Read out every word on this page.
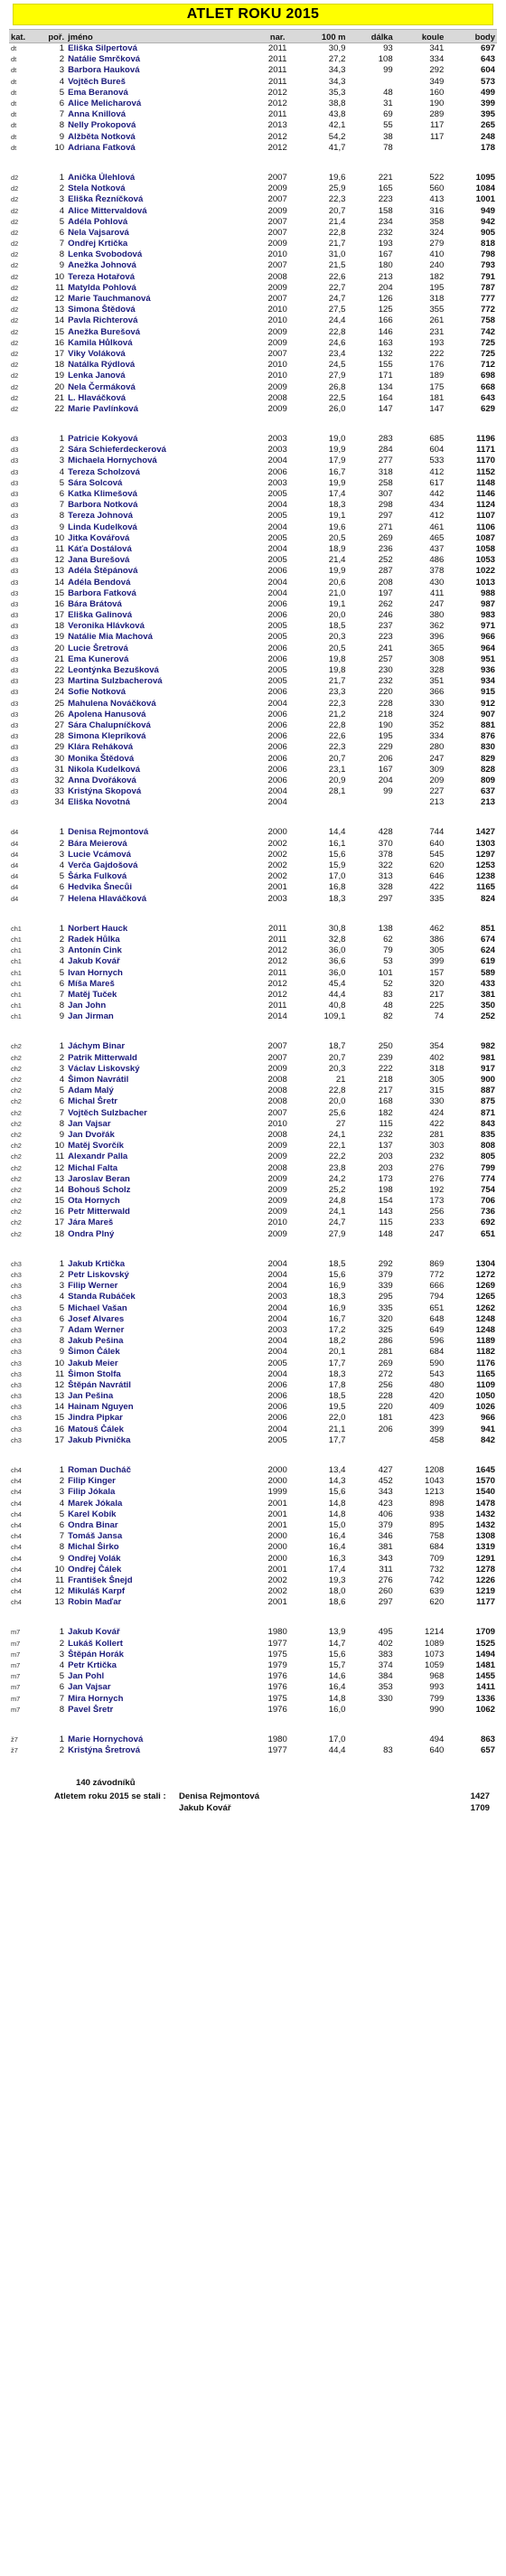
ATLET ROKU 2015
kat.	poř.	jméno	nar.	100 m	dálka	koule	body
dt	1	Eliška Silpertová	2011	30,9	93	341	697
dt	2	Natálie Smrčková	2011	27,2	108	334	643
dt	3	Barbora Hauková	2011	34,3	99	292	604
dt	4	Vojtěch Bureš	2011	34,3		349	573
dt	5	Ema Beranová	2012	35,3	48	160	499
dt	6	Alice Melicharová	2012	38,8	31	190	399
dt	7	Anna Knillová	2011	43,8	69	289	395
dt	8	Nelly Prokopová	2013	42,1	55	117	265
dt	9	Alžběta Notková	2012	54,2	38	117	248
dt	10	Adriana Fatková	2012	41,7	78		178

d2	1	Anička Úlehlová	2007	19,6	221	522	1095
d2	2	Stela Notková	2009	25,9	165	560	1084
d2	3	Eliška Řezníčková	2007	22,3	223	413	1001
d2	4	Alice Mittervaldová	2009	20,7	158	316	949
d2	5	Adéla Pohlová	2007	21,4	234	358	942
d2	6	Nela Vajsarová	2007	22,8	232	324	905
d2	7	Ondřej Krtička	2009	21,7	193	279	818
d2	8	Lenka Svobodová	2010	31,0	167	410	798
d2	9	Anežka Johnová	2007	21,5	180	240	793
d2	10	Tereza Hotařová	2008	22,6	213	182	791
d2	11	Matylda Pohlová	2009	22,7	204	195	787
d2	12	Marie Tauchmanová	2007	24,7	126	318	777
d2	13	Simona Štědová	2010	27,5	125	355	772
d2	14	Pavla Richterová	2010	24,4	166	261	758
d2	15	Anežka Burešová	2009	22,8	146	231	742
d2	16	Kamila Hůlková	2009	24,6	163	193	725
d2	17	Viky Voláková	2007	23,4	132	222	725
d2	18	Natálka Rýdlová	2010	24,5	155	176	712
d2	19	Lenka Janová	2010	27,9	171	189	698
d2	20	Nela Čermáková	2009	26,8	134	175	668
d2	21	L. Hlaváčková	2008	22,5	164	181	643
d2	22	Marie Pavlínková	2009	26,0	147	147	629

d3	1	Patricie Kokyová	2003	19,0	283	685	1196
d3	2	Sára Schieferdeckerová	2003	19,9	284	604	1171
d3	3	Michaela Hornychová	2004	17,9	277	533	1170
d3	4	Tereza Scholzová	2006	16,7	318	412	1152
d3	5	Sára Solcová	2003	19,9	258	617	1148
d3	6	Katka Klimešová	2005	17,4	307	442	1146
d3	7	Barbora Notková	2004	18,3	298	434	1124
d3	8	Tereza Johnová	2005	19,1	297	412	1107
d3	9	Linda Kudelková	2004	19,6	271	461	1106
d3	10	Jitka Kovářová	2005	20,5	269	465	1087
d3	11	Káťa Dostálová	2004	18,9	236	437	1058
d3	12	Jana Burešová	2005	21,4	252	486	1053
d3	13	Adéla Štěpánová	2006	19,9	287	378	1022
d3	14	Adéla Bendová	2004	20,6	208	430	1013
d3	15	Barbora Fatková	2004	21,0	197	411	988
d3	16	Bára Brátová	2006	19,1	262	247	987
d3	17	Eliška Galinová	2006	20,0	246	380	983
d3	18	Veronika Hlávková	2005	18,5	237	362	971
d3	19	Natálie Mia Machová	2005	20,3	223	396	966
d3	20	Lucie Šretrová	2006	20,5	241	365	964
d3	21	Ema Kunerová	2006	19,8	257	308	951
d3	22	Leontýnka Bezušková	2005	19,8	230	328	936
d3	23	Martina Sulzbacherová	2005	21,7	232	351	934
d3	24	Sofie Notková	2006	23,3	220	366	915
d3	25	Mahulena Nováčková	2004	22,3	228	330	912
d3	26	Apolena Hanusová	2006	21,2	218	324	907
d3	27	Sára Chalupníčková	2006	22,8	190	352	881
d3	28	Simona Klepríková	2006	22,6	195	334	876
d3	29	Klára Reháková	2006	22,3	229	280	830
d3	30	Monika Štědová	2006	20,7	206	247	829
d3	31	Nikola Kudelková	2006	23,1	167	309	828
d3	32	Anna Dvořáková	2006	20,9	204	209	809
d3	33	Kristýna Skopová	2004	28,1	99	227	637
d3	34	Eliška Novotná	2004			213	213

d4	1	Denisa Rejmontová	2000	14,4	428	744	1427
d4	2	Bára Meierová	2002	16,1	370	640	1303
d4	3	Lucie Vcámová	2002	15,6	378	545	1297
d4	4	Verča Gajdošová	2002	15,9	322	620	1253
d4	5	Šárka Fulková	2002	17,0	313	646	1238
d4	6	Hedvika Šnecůi	2001	16,8	328	422	1165
d4	7	Helena Hlaváčková	2003	18,3	297	335	824

ch1	1	Norbert Hauck	2011	30,8	138	462	851
ch1	2	Radek Hůlka	2011	32,8	62	386	674
ch1	3	Antonín Cink	2012	36,0	79	305	624
ch1	4	Jakub Kovář	2012	36,6	53	399	619
ch1	5	Ivan Hornych	2011	36,0	101	157	589
ch1	6	Míša Mareš	2012	45,4	52	320	433
ch1	7	Matěj Tuček	2012	44,4	83	217	381
ch1	8	Jan John	2011	40,8	48	225	350
ch1	9	Jan Jirman	2014	109,1	82	74	252

ch2	1	Jáchym Binar	2007	18,7	250	354	982
ch2	2	Patrik Mitterwald	2007	20,7	239	402	981
ch2	3	Václav Liskovský	2009	20,3	222	318	917
ch2	4	Šimon Navrátil	2008	21	218	305	900
ch2	5	Adam Malý	2008	22,8	217	315	887
ch2	6	Michal Šretr	2008	20,0	168	330	875
ch2	7	Vojtěch Sulzbacher	2007	25,6	182	424	871
ch2	8	Jan Vajsar	2010	27	115	422	843
ch2	9	Jan Dvořák	2008	24,1	232	281	835
ch2	10	Matěj Svorčík	2009	22,1	137	303	808
ch2	11	Alexandr Palla	2009	22,2	203	232	805
ch2	12	Michal Falta	2008	23,8	203	276	799
ch2	13	Jaroslav Beran	2009	24,2	173	276	774
ch2	14	Bohouš Scholz	2009	25,2	198	192	754
ch2	15	Ota Hornych	2009	24,8	154	173	706
ch2	16	Petr Mitterwald	2009	24,1	143	256	736
ch2	17	Jára Mareš	2010	24,7	115	233	692
ch2	18	Ondra Plný	2009	27,9	148	247	651

ch3	1	Jakub Krtička	2004	18,5	292	869	1304
ch3	2	Petr Liskovský	2004	15,6	379	772	1272
ch3	3	Filip Werner	2004	16,9	339	666	1269
ch3	4	Standa Rubáček	2003	18,3	295	794	1265
ch3	5	Michael Vašan	2004	16,9	335	651	1262
ch3	6	Josef Alvares	2004	16,7	320	648	1248
ch3	7	Adam Werner	2003	17,2	325	649	1248
ch3	8	Jakub Pešina	2004	18,2	286	596	1189
ch3	9	Šimon Čálek	2004	20,1	281	684	1182
ch3	10	Jakub Meier	2005	17,7	269	590	1176
ch3	11	Šimon Stolfa	2004	18,3	272	543	1165
ch3	12	Štěpán Navrátil	2006	17,8	256	480	1109
ch3	13	Jan Pešina	2006	18,5	228	420	1050
ch3	14	Hainam Nguyen	2006	19,5	220	409	1026
ch3	15	Jindra Pipkar	2006	22,0	181	423	966
ch3	16	Matouš Čálek	2004	21,1	206	399	941
ch3	17	Jakub Pivnička	2005	17,7		458	842

ch4	1	Roman Ducháč	2000	13,4	427	1208	1645
ch4	2	Filip Kinger	2000	14,3	452	1043	1570
ch4	3	Filip Jókala	1999	15,6	343	1213	1540
ch4	4	Marek Jókala	2001	14,8	423	898	1478
ch4	5	Karel Kobík	2001	14,8	406	938	1432
ch4	6	Ondra Binar	2001	15,0	379	895	1432
ch4	7	Tomáš Jansa	2000	16,4	346	758	1308
ch4	8	Michal Širko	2000	16,4	381	684	1319
ch4	9	Ondřej Volák	2000	16,3	343	709	1291
ch4	10	Ondřej Čálek	2001	17,4	311	732	1278
ch4	11	František Šnejd	2002	19,3	276	742	1226
ch4	12	Mikuláš Karpf	2002	18,0	260	639	1219
ch4	13	Robin Maďar	2001	18,6	297	620	1177

m7	1	Jakub Kovář	1980	13,9	495	1214	1709
m7	2	Lukáš Kollert	1977	14,7	402	1089	1525
m7	3	Štěpán Horák	1975	15,6	383	1073	1494
m7	4	Petr Krtička	1979	15,7	374	1059	1481
m7	5	Jan Pohl	1976	14,6	384	968	1455
m7	6	Jan Vajsar	1976	16,4	353	993	1411
m7	7	Mira Hornych	1975	14,8	330	799	1336
m7	8	Pavel Šretr	1976	16,0		990	1062

ž7	1	Marie Hornychová	1980	17,0		494	863
ž7	2	Kristýna Šretrová	1977	44,4	83	640	657
140 závodníků
Atletem roku 2015 se stali :	Denisa Rejmontová	1427
Jakub Kovář	1709
